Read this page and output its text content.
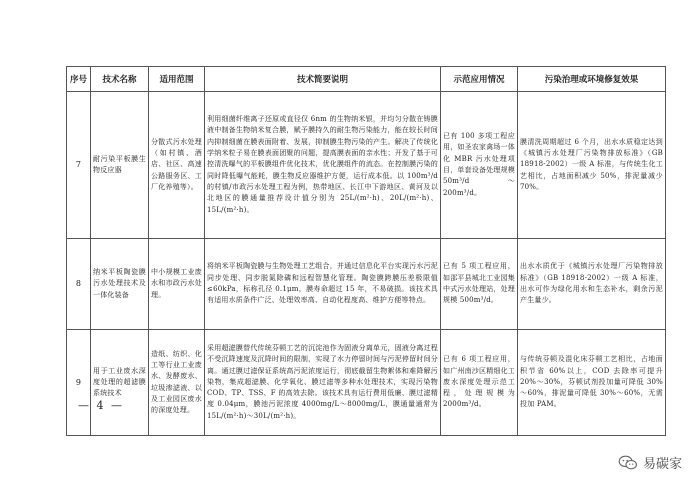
序号	技术名称	适用范围	技术简要说明	示范应用情况	污染治理或环境修复效果
7	耐污染平板膜生物反应器	分散式污水处理（如村镇、酒店、社区、高速公路服务区、工厂化养殖等）。	利用细菌纤维离子还原或直径仅 6nm 的生物纳米银，并均匀分散在铸膜液中制备生物纳米复合膜，赋予膜持久的耐生物污染能力，能在较长时间内抑制细菌在膜表面附着、发展，抑制膜生物污染的产生。解决了传统化学纳米粒子易在膜表面团聚的问题，提高膜表面的亲水性；开发了基于可控清洗曝气的平板膜组件优化技术，优化膜组件的流态。在控制膜污染的同时降低曝气能耗，膜生物反应器维护方便，运行成本低。以 100m³/d 的村镇/市政污水处理工程为例，热带地区、长江中下游地区、黄河及以北地区的膜通量推荐设计值分别为 25L/(m²·h)、20L/(m²·h)、15L/(m²·h)。	已有 100 多项工程应用，如圣农家禽场一体化 MBR 污水处理项目，单套设备处理规模 50m³/d ～200m³/d。	膜清洗周期超过 6 个月，出水水质稳定达到《城镇污水处理厂污染物排放标准》（GB 18918-2002）一级 A 标准，与传统生化工艺相比，占地面积减少 50%，排泥量减少 70%。
8	纳米平板陶瓷膜污水处理技术及一体化装备	中小规模工业废水和市政污水处理。	将纳米平板陶瓷膜与生物处理工艺组合，并通过信息化平台实现污水污泥同步处理、同步脱氮除磷和远程智慧化管理。陶瓷膜跨膜压差极限值≤60kPa，标称孔径 0.1μm，膜寿命超过 15 年，不易破损。该技术具有适用水质条件广泛、处理效率高、自动化程度高、维护方便等特点。	已有 5 项工程应用，如邵平县城北工业园集中式污水处理站，处理规模 500m³/d。	出水水质优于《城镇污水处理厂污染物排放标准》（GB 18918-2002）一级 A 标准，出水可作为绿化用水和生态补水，剩余污泥产生量少。
9	用于工业废水深度处理的超滤膜系统技术	造纸、纺织、化工等行业工业废水、发酵废水、垃圾渗滤液、以及工业园区废水的深度处理。	采用超滤膜替代传统芬顿工艺的沉淀池作为固液分离单元，固液分离过程不受沉降速度及沉降时间的限制，实现了水力停留时间与污泥停留时间分离。通过膜过滤保证系统高污泥浓度运行，彻底截留生物絮体和难降解污染物，集成超滤膜、化学氧化、膜过滤等多种水处理技术，实现污染物 COD、TP、TSS、F 的高效去除。该技术具有运行费用低廉、膜过滤精度 0.04μm，膜池污泥浓度 4000mg/L～8000mg/L，膜通量通常为 15L/(m²·h)～30L/(m²·h)。	已有 6 项工程应用，如广州南沙区精细化工废水深度处理示范工程，处理规模为 2000m³/d。	与传统芬顿及混化床芬顿工艺相比，占地面积节省 60%以上，COD 去除率可提升 20%～30%，芬顿试剂投加量可降低 30%～60%，排泥量可降低 30%～60%，无需投加 PAM。
— 4 —
易碳家
